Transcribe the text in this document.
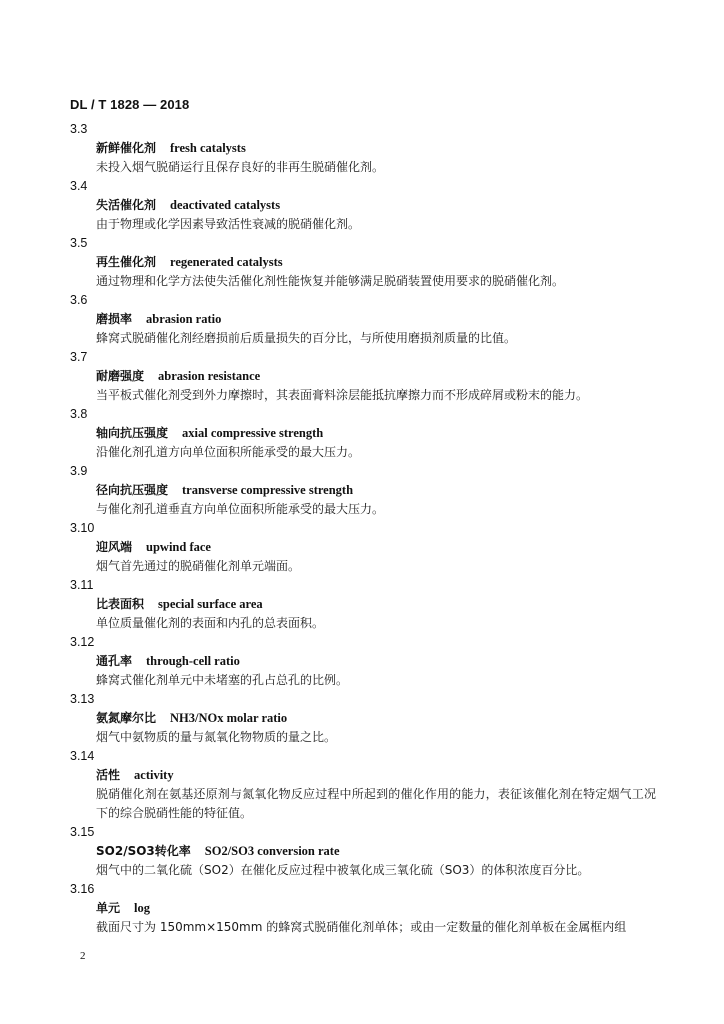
DL / T 1828 — 2018
3.3
新鲜催化剂 fresh catalysts
未投入烟气脱硝运行且保存良好的非再生脱硝催化剂。
3.4
失活催化剂 deactivated catalysts
由于物理或化学因素导致活性衰减的脱硝催化剂。
3.5
再生催化剂 regenerated catalysts
通过物理和化学方法使失活催化剂性能恢复并能够满足脱硝装置使用要求的脱硝催化剂。
3.6
磨损率 abrasion ratio
蜂窝式脱硝催化剂经磨损前后质量损失的百分比，与所使用磨损剂质量的比值。
3.7
耐磨强度 abrasion resistance
当平板式催化剂受到外力摩擦时，其表面膏料涂层能抵抗摩擦力而不形成碎屑或粉末的能力。
3.8
轴向抗压强度 axial compressive strength
沿催化剂孔道方向单位面积所能承受的最大压力。
3.9
径向抗压强度 transverse compressive strength
与催化剂孔道垂直方向单位面积所能承受的最大压力。
3.10
迎风端 upwind face
烟气首先通过的脱硝催化剂单元端面。
3.11
比表面积 special surface area
单位质量催化剂的表面和内孔的总表面积。
3.12
通孔率 through-cell ratio
蜂窝式催化剂单元中未堵塞的孔占总孔的比例。
3.13
氨氮摩尔比 NH3/NOx molar ratio
烟气中氨物质的量与氮氧化物物质的量之比。
3.14
活性 activity
脱硝催化剂在氨基还原剂与氮氧化物反应过程中所起到的催化作用的能力，表征该催化剂在特定烟气工况下的综合脱硝性能的特征值。
3.15
SO2/SO3转化率 SO2/SO3 conversion rate
烟气中的二氧化硫（SO2）在催化反应过程中被氧化成三氧化硫（SO3）的体积浓度百分比。
3.16
单元 log
截面尺寸为 150mm×150mm 的蜂窝式脱硝催化剂单体；或由一定数量的催化剂单板在金属框内组
2
